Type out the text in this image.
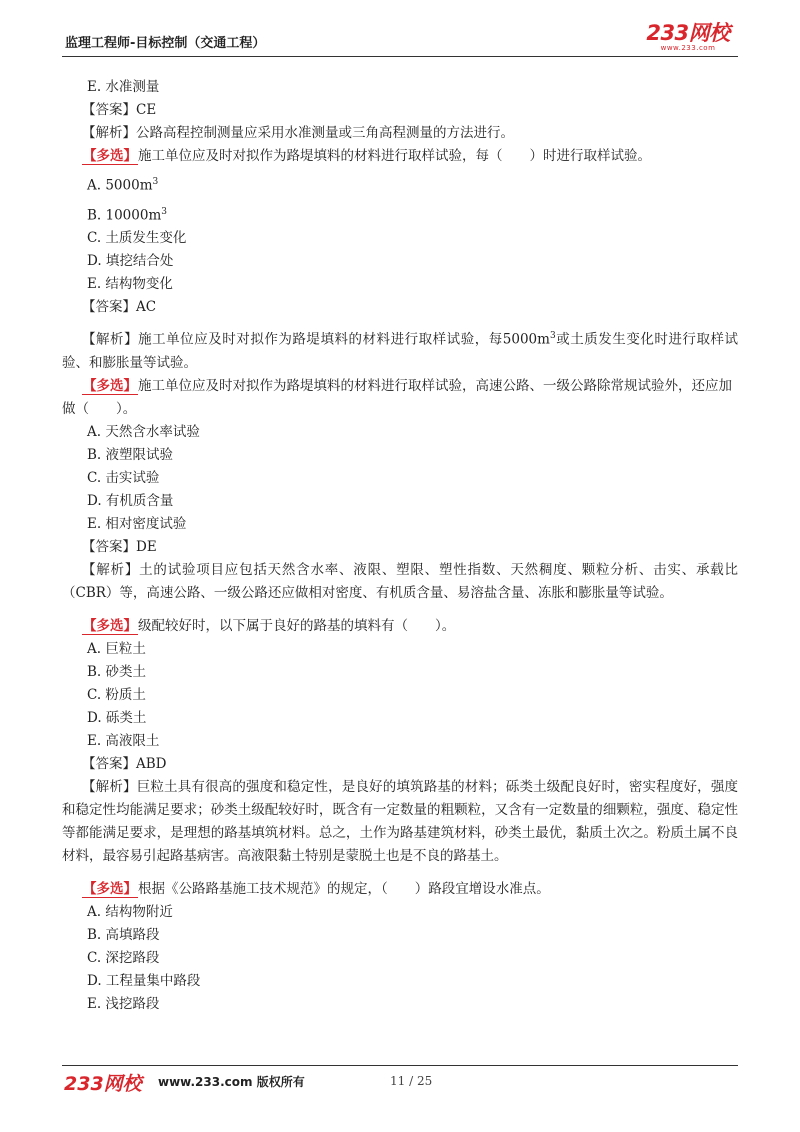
监理工程师-目标控制（交通工程）	233网校
www.233.com
E. 水准测量
【答案】CE
【解析】公路高程控制测量应采用水准测量或三角高程测量的方法进行。
【多选】施工单位应及时对拟作为路堤填料的材料进行取样试验，每（　　）时进行取样试验。
A. $5000m^3$
B. $10000m^3$
C. 土质发生变化
D. 填挖结合处
E. 结构物变化
【答案】AC
【解析】施工单位应及时对拟作为路堤填料的材料进行取样试验，每$5000m^3$或土质发生变化时进行取样试验、和膨胀量等试验。
【多选】施工单位应及时对拟作为路堤填料的材料进行取样试验，高速公路、一级公路除常规试验外，还应加做（　　）。
A. 天然含水率试验
B. 液塑限试验
C. 击实试验
D. 有机质含量
E. 相对密度试验
【答案】DE
【解析】土的试验项目应包括天然含水率、液限、塑限、塑性指数、天然稠度、颗粒分析、击实、承载比（CBR）等，高速公路、一级公路还应做相对密度、有机质含量、易溶盐含量、冻胀和膨胀量等试验。
【多选】级配较好时，以下属于良好的路基的填料有（　　）。
A. 巨粒土
B. 砂类土
C. 粉质土
D. 砾类土
E. 高液限土
【答案】ABD
【解析】巨粒土具有很高的强度和稳定性，是良好的填筑路基的材料；砾类土级配良好时，密实程度好，强度和稳定性均能满足要求；砂类土级配较好时，既含有一定数量的粗颗粒，又含有一定数量的细颗粒，强度、稳定性等都能满足要求，是理想的路基填筑材料。总之，土作为路基建筑材料，砂类土最优，黏质土次之。粉质土属不良材料，最容易引起路基病害。高液限黏土特别是蒙脱土也是不良的路基土。
【多选】根据《公路路基施工技术规范》的规定，（　　）路段宜增设水准点。
A. 结构物附近
B. 高填路段
C. 深挖路段
D. 工程量集中路段
E. 浅挖路段
233网校 www.233.com 版权所有	11 / 25
